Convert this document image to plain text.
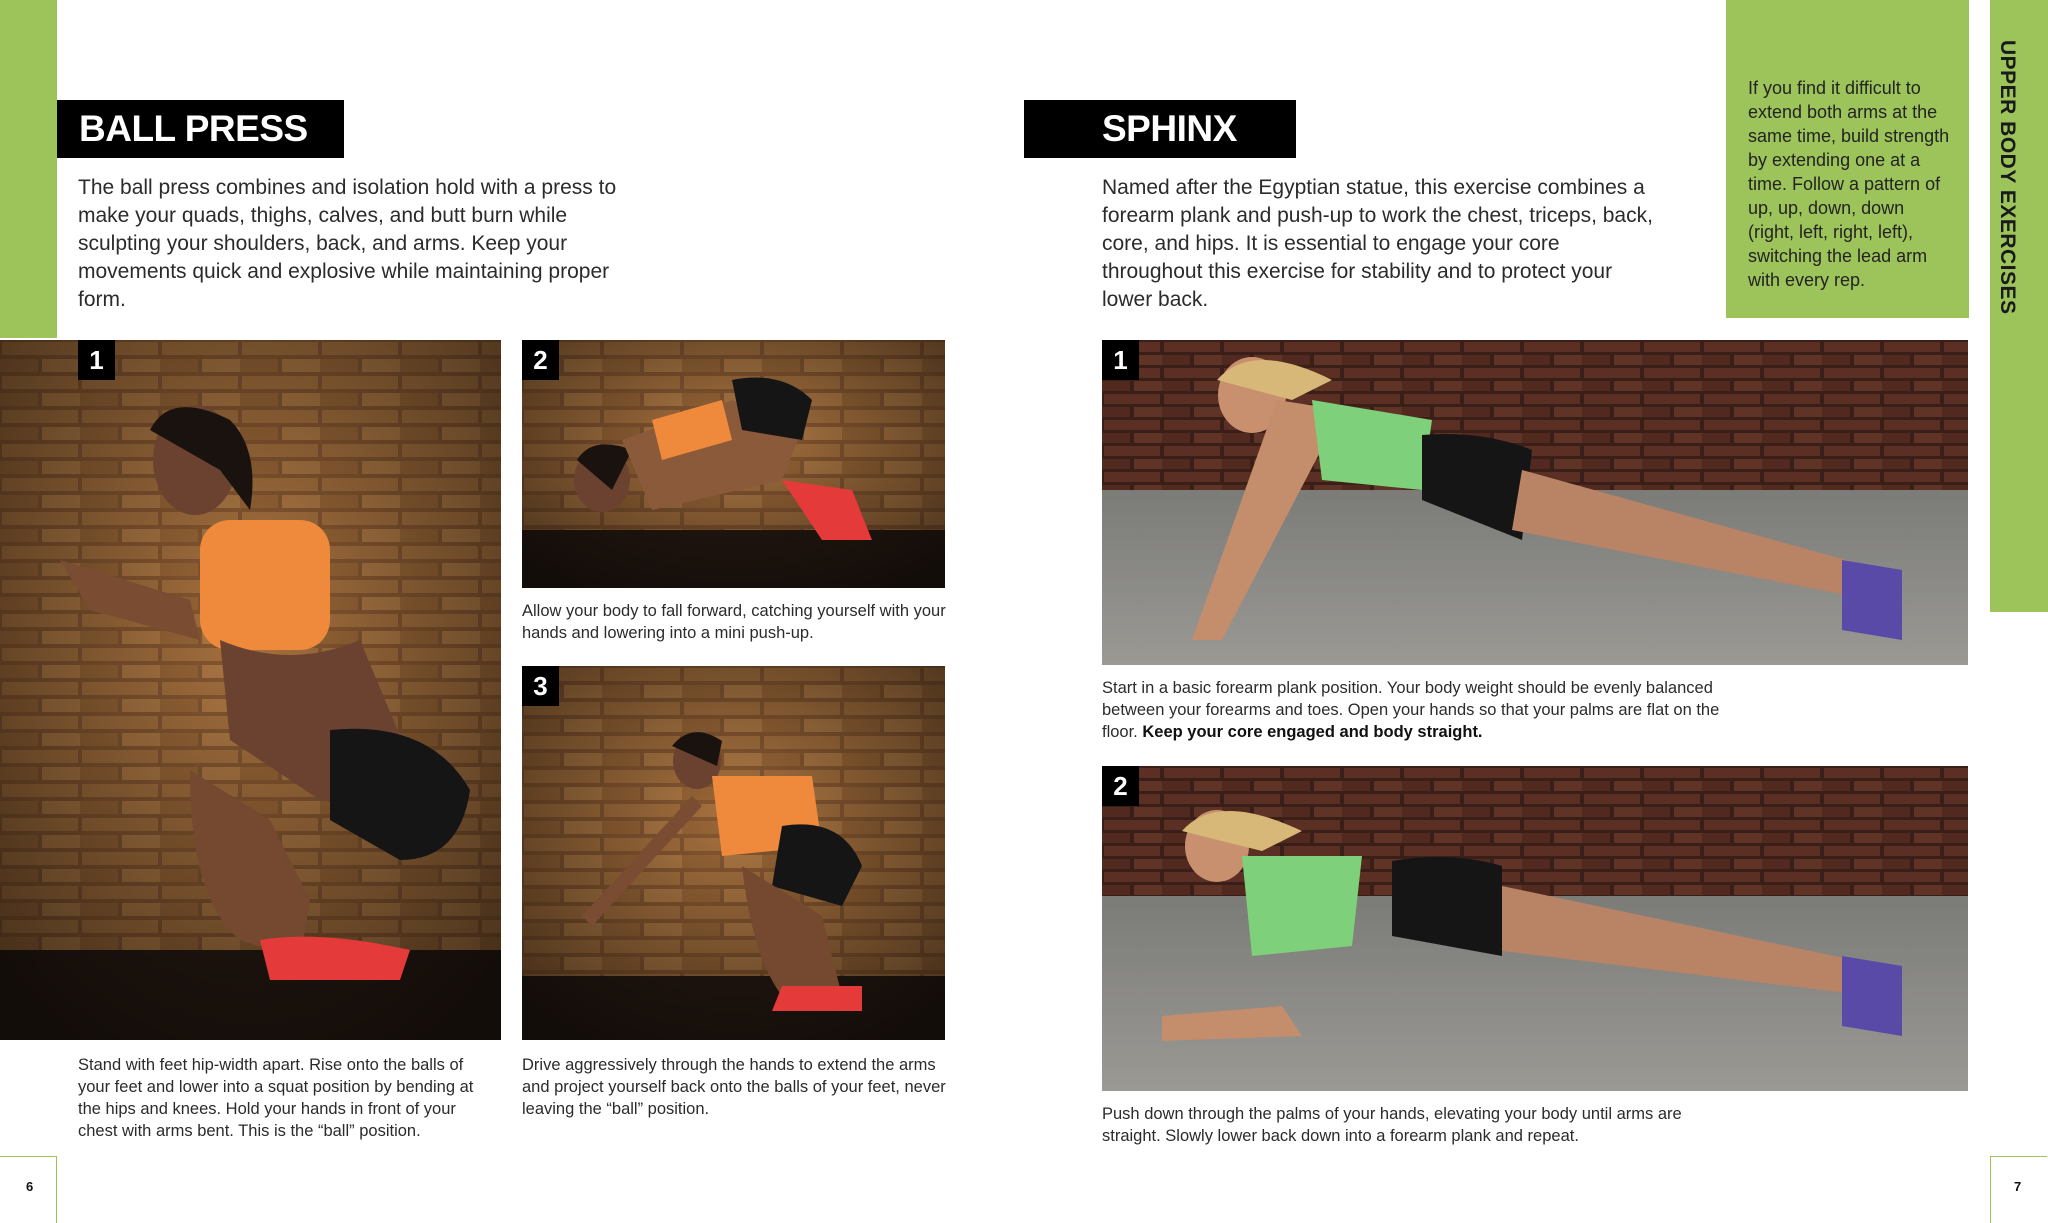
UPPER BODY EXERCISES
BALL PRESS
The ball press combines and isolation hold with a press to make your quads, thighs, calves, and butt burn while sculpting your shoulders, back, and arms. Keep your movements quick and explosive while maintaining proper form.
1	2
Allow your body to fall forward, catching yourself with your hands and lowering into a mini push-up.
3
Stand with feet hip-width apart. Rise onto the balls of your feet and lower into a squat position by bending at the hips and knees. Hold your hands in front of your chest with arms bent. This is the “ball” position.
Drive aggressively through the hands to extend the arms and project yourself back onto the balls of your feet, never leaving the “ball” position.
SPHINX
Named after the Egyptian statue, this exercise combines a forearm plank and push-up to work the chest, triceps, back, core, and hips. It is essential to engage your core throughout this exercise for stability and to protect your lower back.
If you find it difficult to extend both arms at the same time, build strength by extending one at a time. Follow a pattern of up, up, down, down (right, left, right, left), switching the lead arm with every rep.
1
Start in a basic forearm plank position. Your body weight should be evenly balanced between your forearms and toes. Open your hands so that your palms are flat on the floor. Keep your core engaged and body straight.
2
Push down through the palms of your hands, elevating your body until arms are straight. Slowly lower back down into a forearm plank and repeat.
6	7
